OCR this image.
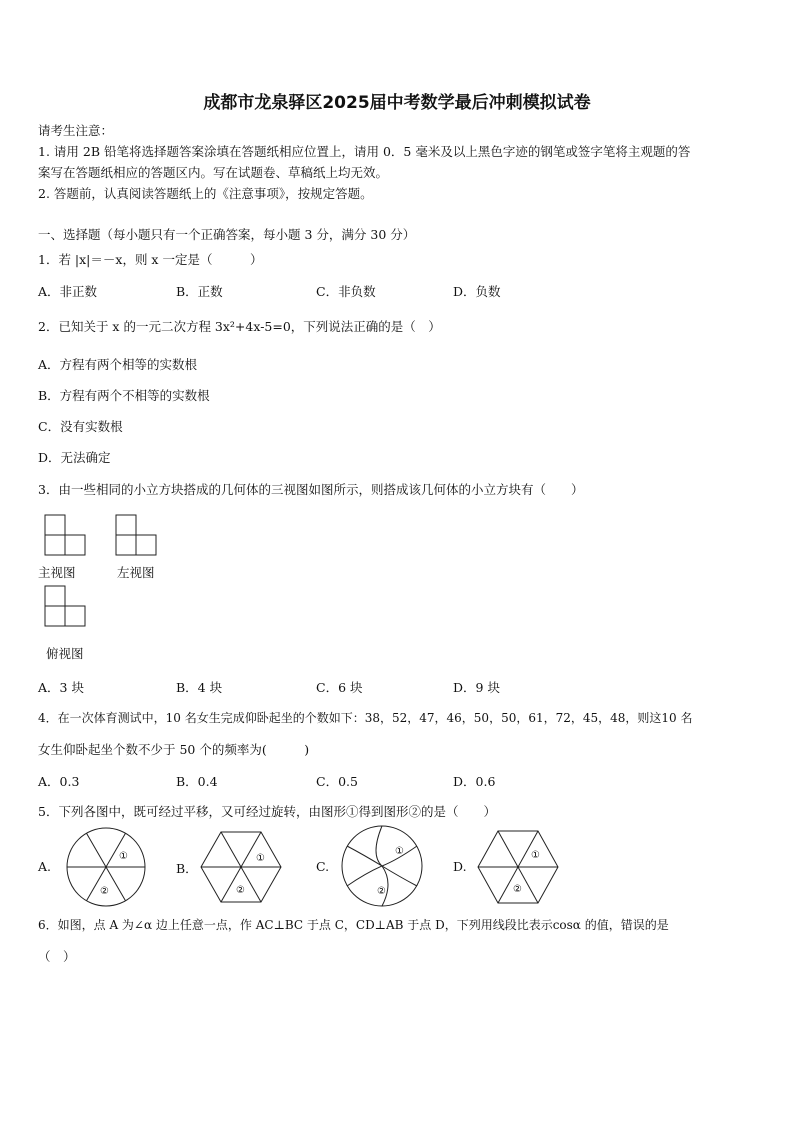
成都市龙泉驿区2025届中考数学最后冲刺模拟试卷
请考生注意：
1. 请用 2B 铅笔将选择题答案涂填在答题纸相应位置上，请用 0．5 毫米及以上黑色字迹的钢笔或签字笔将主观题的答
案写在答题纸相应的答题区内。写在试题卷、草稿纸上均无效。
2. 答题前，认真阅读答题纸上的《注意事项》，按规定答题。
一、选择题（每小题只有一个正确答案，每小题 3 分，满分 30 分）
1．若 |x|＝－x，则 x 一定是（　　　）
A．非正数	B．正数	C．非负数	D．负数
2．已知关于 x 的一元二次方程 3x²+4x-5=0，下列说法正确的是（　）
A．方程有两个相等的实数根
B．方程有两个不相等的实数根
C．没有实数根
D．无法确定
3．由一些相同的小立方块搭成的几何体的三视图如图所示，则搭成该几何体的小立方块有（　　）
主视图	左视图
俯视图
A．3 块	B．4 块	C．6 块	D．9 块
4．在一次体育测试中，10 名女生完成仰卧起坐的个数如下：38，52，47，46，50，50，61，72，45，48，则这10 名
女生仰卧起坐个数不少于 50 个的频率为(　　　)
A．0.3	B．0.4	C．0.5	D．0.6
5．下列各图中，既可经过平移，又可经过旋转，由图形①得到图形②的是（　　）
A.
①
②
B．
①
②
C.
①
②
D.
①
②
6．如图，点 A 为∠α 边上任意一点，作 AC⊥BC 于点 C，CD⊥AB 于点 D，下列用线段比表示cosα 的值，错误的是
（　）
